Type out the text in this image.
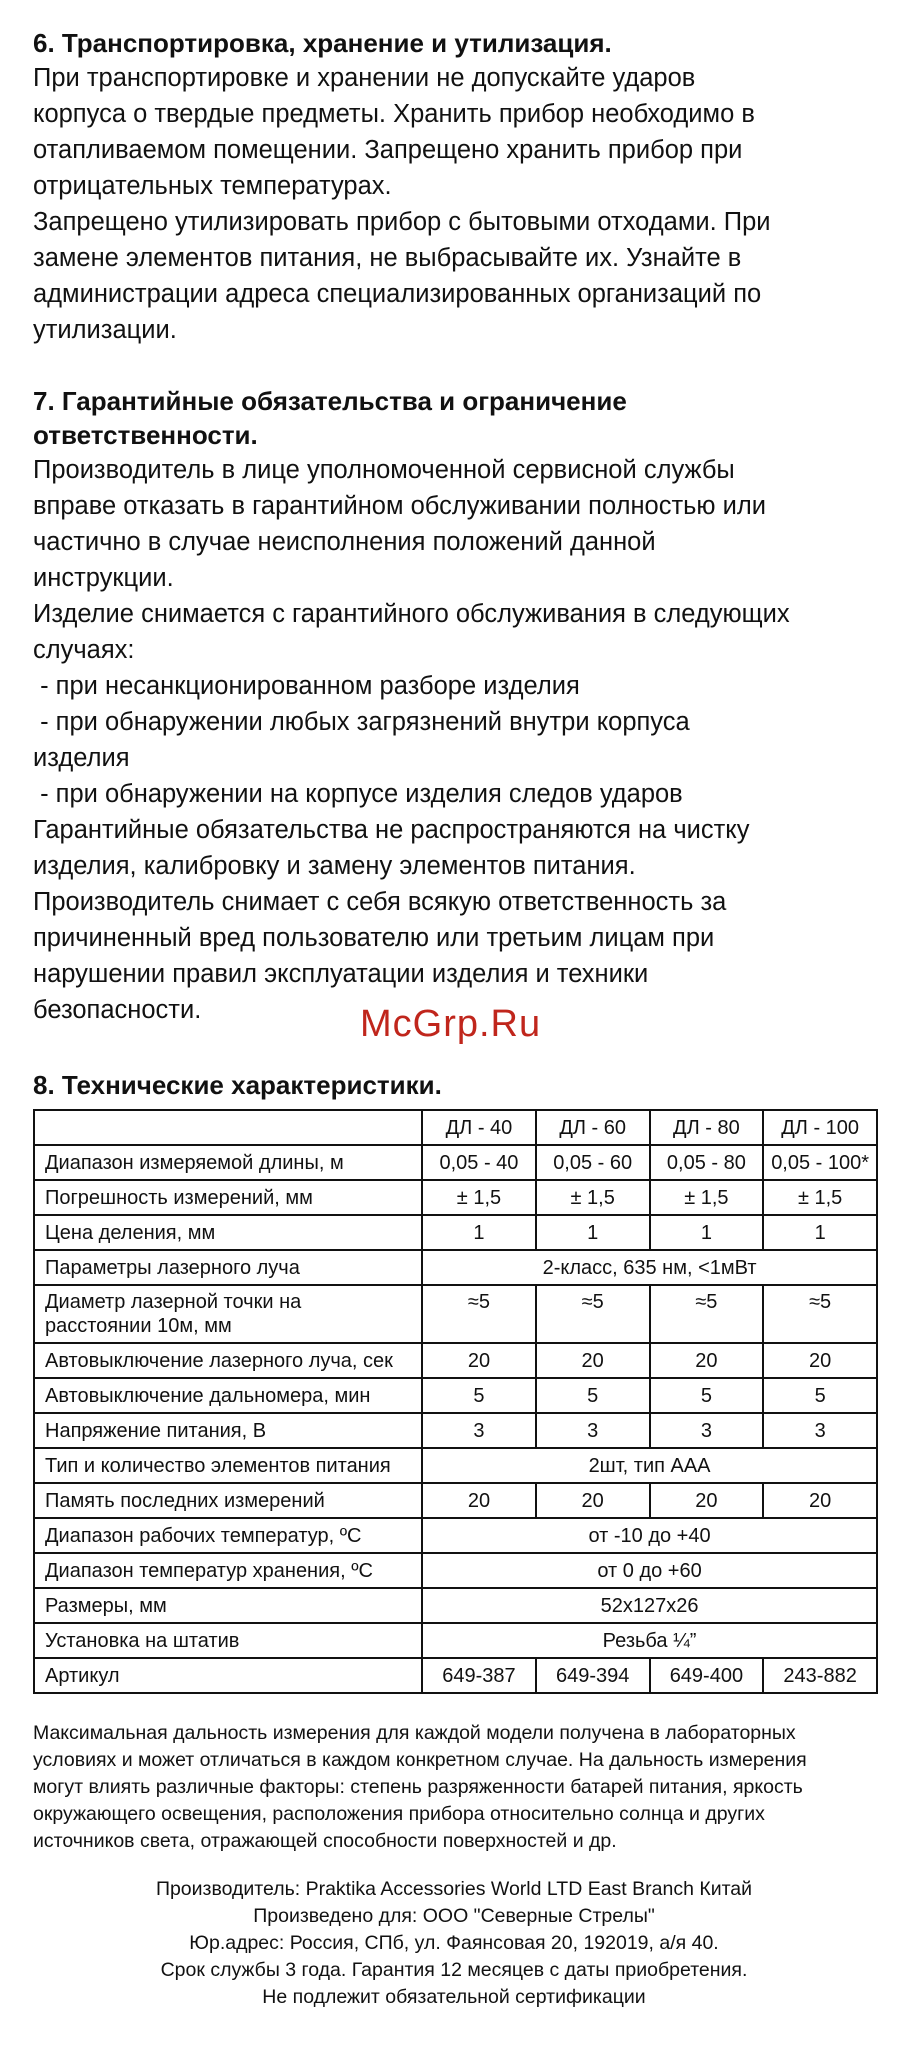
6. Транспортировка, хранение и утилизация.

При транспортировке и хранении не допускайте ударов

корпуса о твердые предметы. Хранить прибор необходимо в

отапливаемом помещении. Запрещено хранить прибор при

отрицательных температурах.

Запрещено утилизировать прибор с бытовыми отходами. При

замене элементов питания, не выбрасывайте их. Узнайте в

администрации адреса специализированных организаций по

утилизации.

7. Гарантийные обязательства и ограничение

ответственности.

Производитель в лице уполномоченной сервисной службы

вправе отказать в гарантийном обслуживании полностью или

частично в случае неисполнения положений данной

инструкции.

Изделие снимается с гарантийного обслуживания в следующих

случаях:

- при несанкционированном разборе изделия

- при обнаружении любых загрязнений внутри корпуса

изделия

- при обнаружении на корпусе изделия следов ударов

Гарантийные обязательства не распространяются на чистку

изделия, калибровку и замену элементов питания.

Производитель снимает с себя всякую ответственность за

причиненный вред пользователю или третьим лицам при

нарушении правил эксплуатации изделия и техники

безопасности.	McGrp.Ru

8. Технические характеристики.

	ДЛ - 40	ДЛ - 60	ДЛ - 80	ДЛ - 100
Диапазон измеряемой длины, м	0,05 - 40	0,05 - 60	0,05 - 80	0,05 - 100*
Погрешность измерений, мм	± 1,5	± 1,5	± 1,5	± 1,5
Цена деления, мм	1	1	1	1
Параметры лазерного луча	2-класс, 635 нм, <1мВт			

Диаметр лазерной точки на
расстоянии 10м, мм	≈5	≈5	≈5	≈5
Автовыключение лазерного луча, сек	20	20	20	20
Автовыключение дальномера, мин	5	5	5	5
Напряжение питания, В	3	3	3	3
Тип и количество элементов питания	2шт, тип ААА			
Память последних измерений	20	20	20	20
Диапазон рабочих температур, ºС	от -10 до +40			
Диапазон температур хранения, ºС	от 0 до +60			
Размеры, мм	52х127х26			
Установка на штатив	Резьба ¼”			
Артикул	649-387	649-394	649-400	243-882
Максимальная дальность измерения для каждой модели получена в лабораторных
условиях и может отличаться в каждом конкретном случае. На дальность измерения
могут влиять различные факторы: степень разряженности батарей питания, яркость
окружающего освещения, расположения прибора относительно солнца и других
источников света, отражающей способности поверхностей и др.
Производитель: Praktika Accessories World LTD East Branch Китай
Произведено для: ООО "Северные Стрелы"
Юр.адрес: Россия, СПб, ул. Фаянсовая 20, 192019, а/я 40.
Срок службы 3 года. Гарантия 12 месяцев с даты приобретения.
Не подлежит обязательной сертификации
